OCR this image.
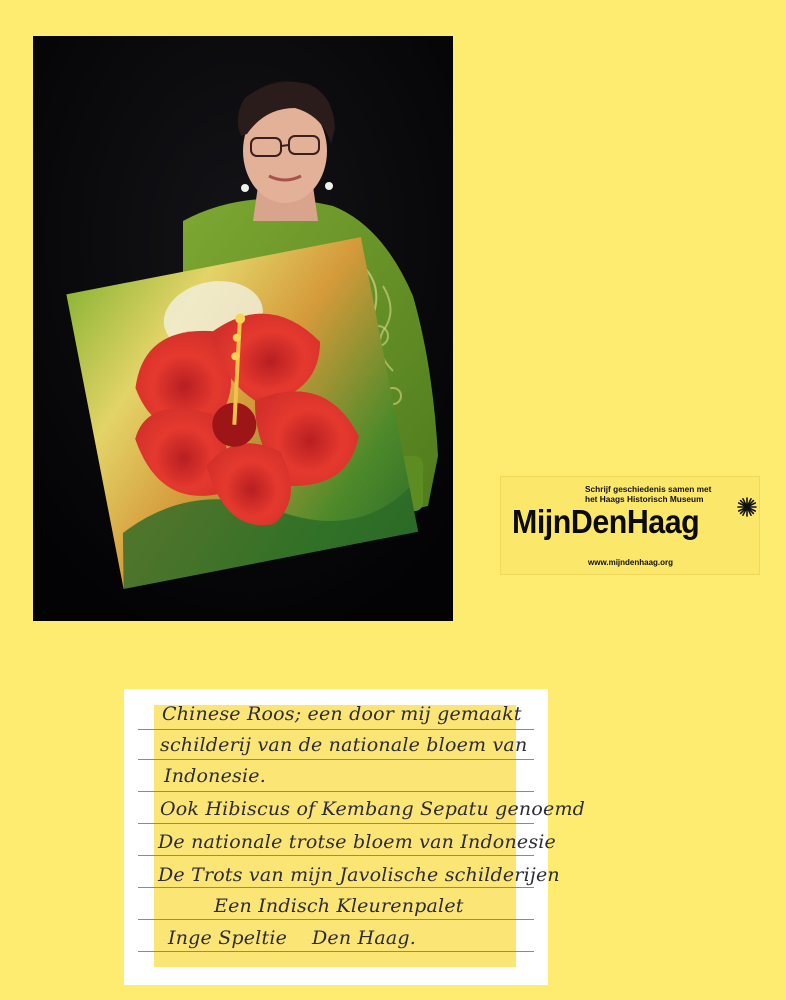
Schrijf geschiedenis samen met
het Haags Historisch Museum
MijnDenHaag
www.mijndenhaag.org
Chinese Roos; een door mij gemaakt
schilderij van de nationale bloem van
Indonesie.
Ook Hibiscus of Kembang Sepatu genoemd
De nationale trotse bloem van Indonesie
De Trots van mijn Javolische schilderijen
Een Indisch Kleurenpalet
Inge Speltie    Den Haag.
